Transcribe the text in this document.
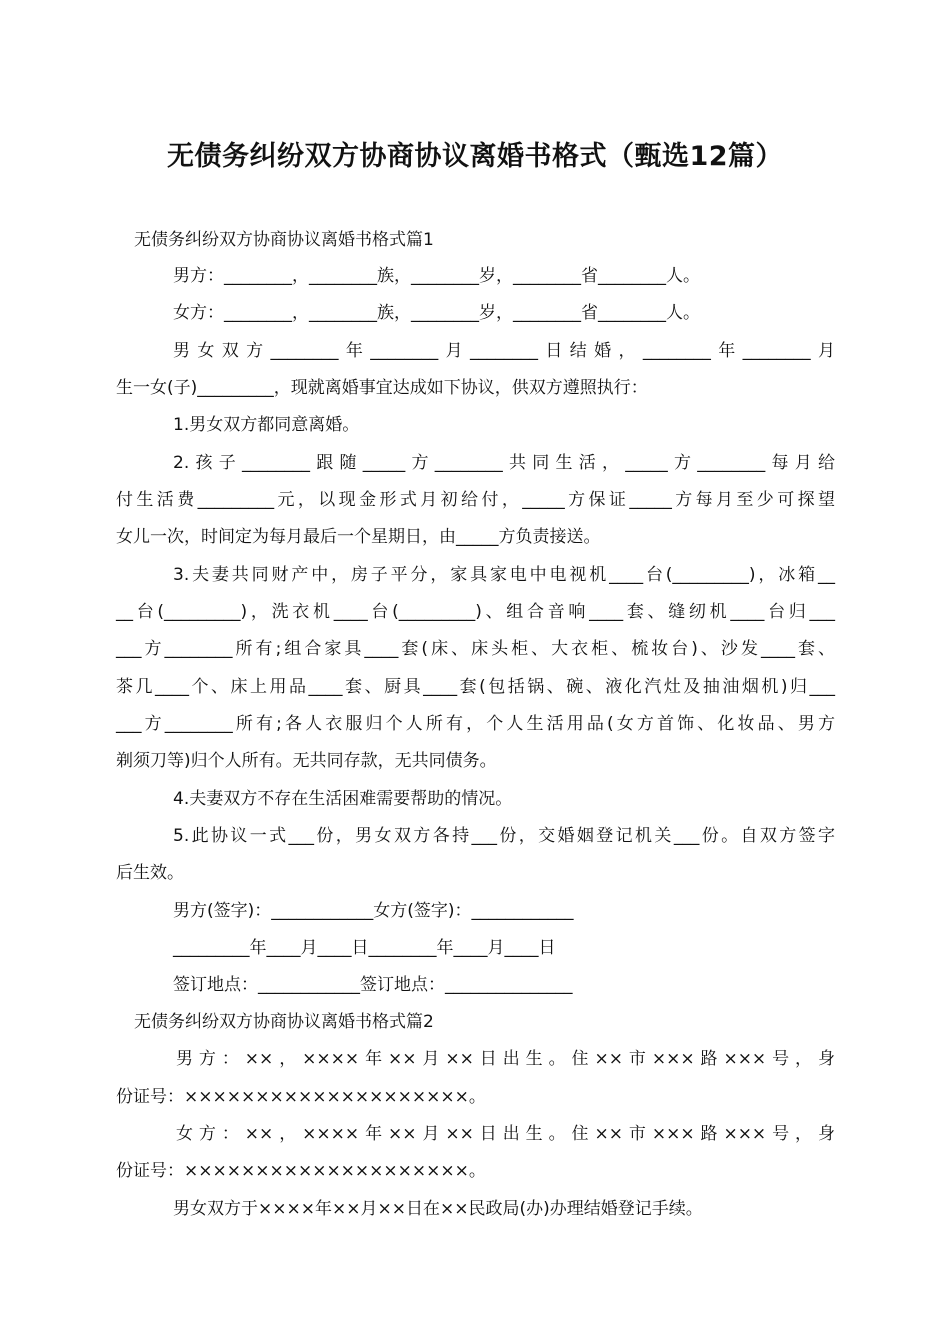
无债务纠纷双方协商协议离婚书格式（甄选12篇）
无债务纠纷双方协商协议离婚书格式篇1
男方：________，________族，________岁，________省________人。
女方：________，________族，________岁，________省________人。
男女双方________年________月________日结婚，________年________月
生一女(子)_________，现就离婚事宜达成如下协议，供双方遵照执行：
1.男女双方都同意离婚。
2.孩子________跟随_____方________共同生活，_____方________每月给
付生活费_________元，以现金形式月初给付，_____方保证_____方每月至少可探望
女儿一次，时间定为每月最后一个星期日，由_____方负责接送。
3.夫妻共同财产中，房子平分，家具家电中电视机____台(_________)，冰箱__
__台(_________)，洗衣机____台(_________)、组合音响____套、缝纫机____台归___
___方________所有;组合家具____套(床、床头柜、大衣柜、梳妆台)、沙发____套、
茶几____个、床上用品____套、厨具____套(包括锅、碗、液化汽灶及抽油烟机)归___
___方________所有;各人衣服归个人所有，个人生活用品(女方首饰、化妆品、男方
剃须刀等)归个人所有。无共同存款，无共同债务。
4.夫妻双方不存在生活困难需要帮助的情况。
5.此协议一式___份，男女双方各持___份，交婚姻登记机关___份。自双方签字
后生效。
男方(签字)：____________女方(签字)：____________
_________年____月____日________年____月____日
签订地点：____________签订地点：_______________
无债务纠纷双方协商协议离婚书格式篇2
男方：××，××××年××月××日出生。住××市×××路×××号，身
份证号：××××××××××××××××××××。
女方：××，××××年××月××日出生。住××市×××路×××号，身
份证号：××××××××××××××××××××。
男女双方于××××年××月××日在××民政局(办)办理结婚登记手续。
